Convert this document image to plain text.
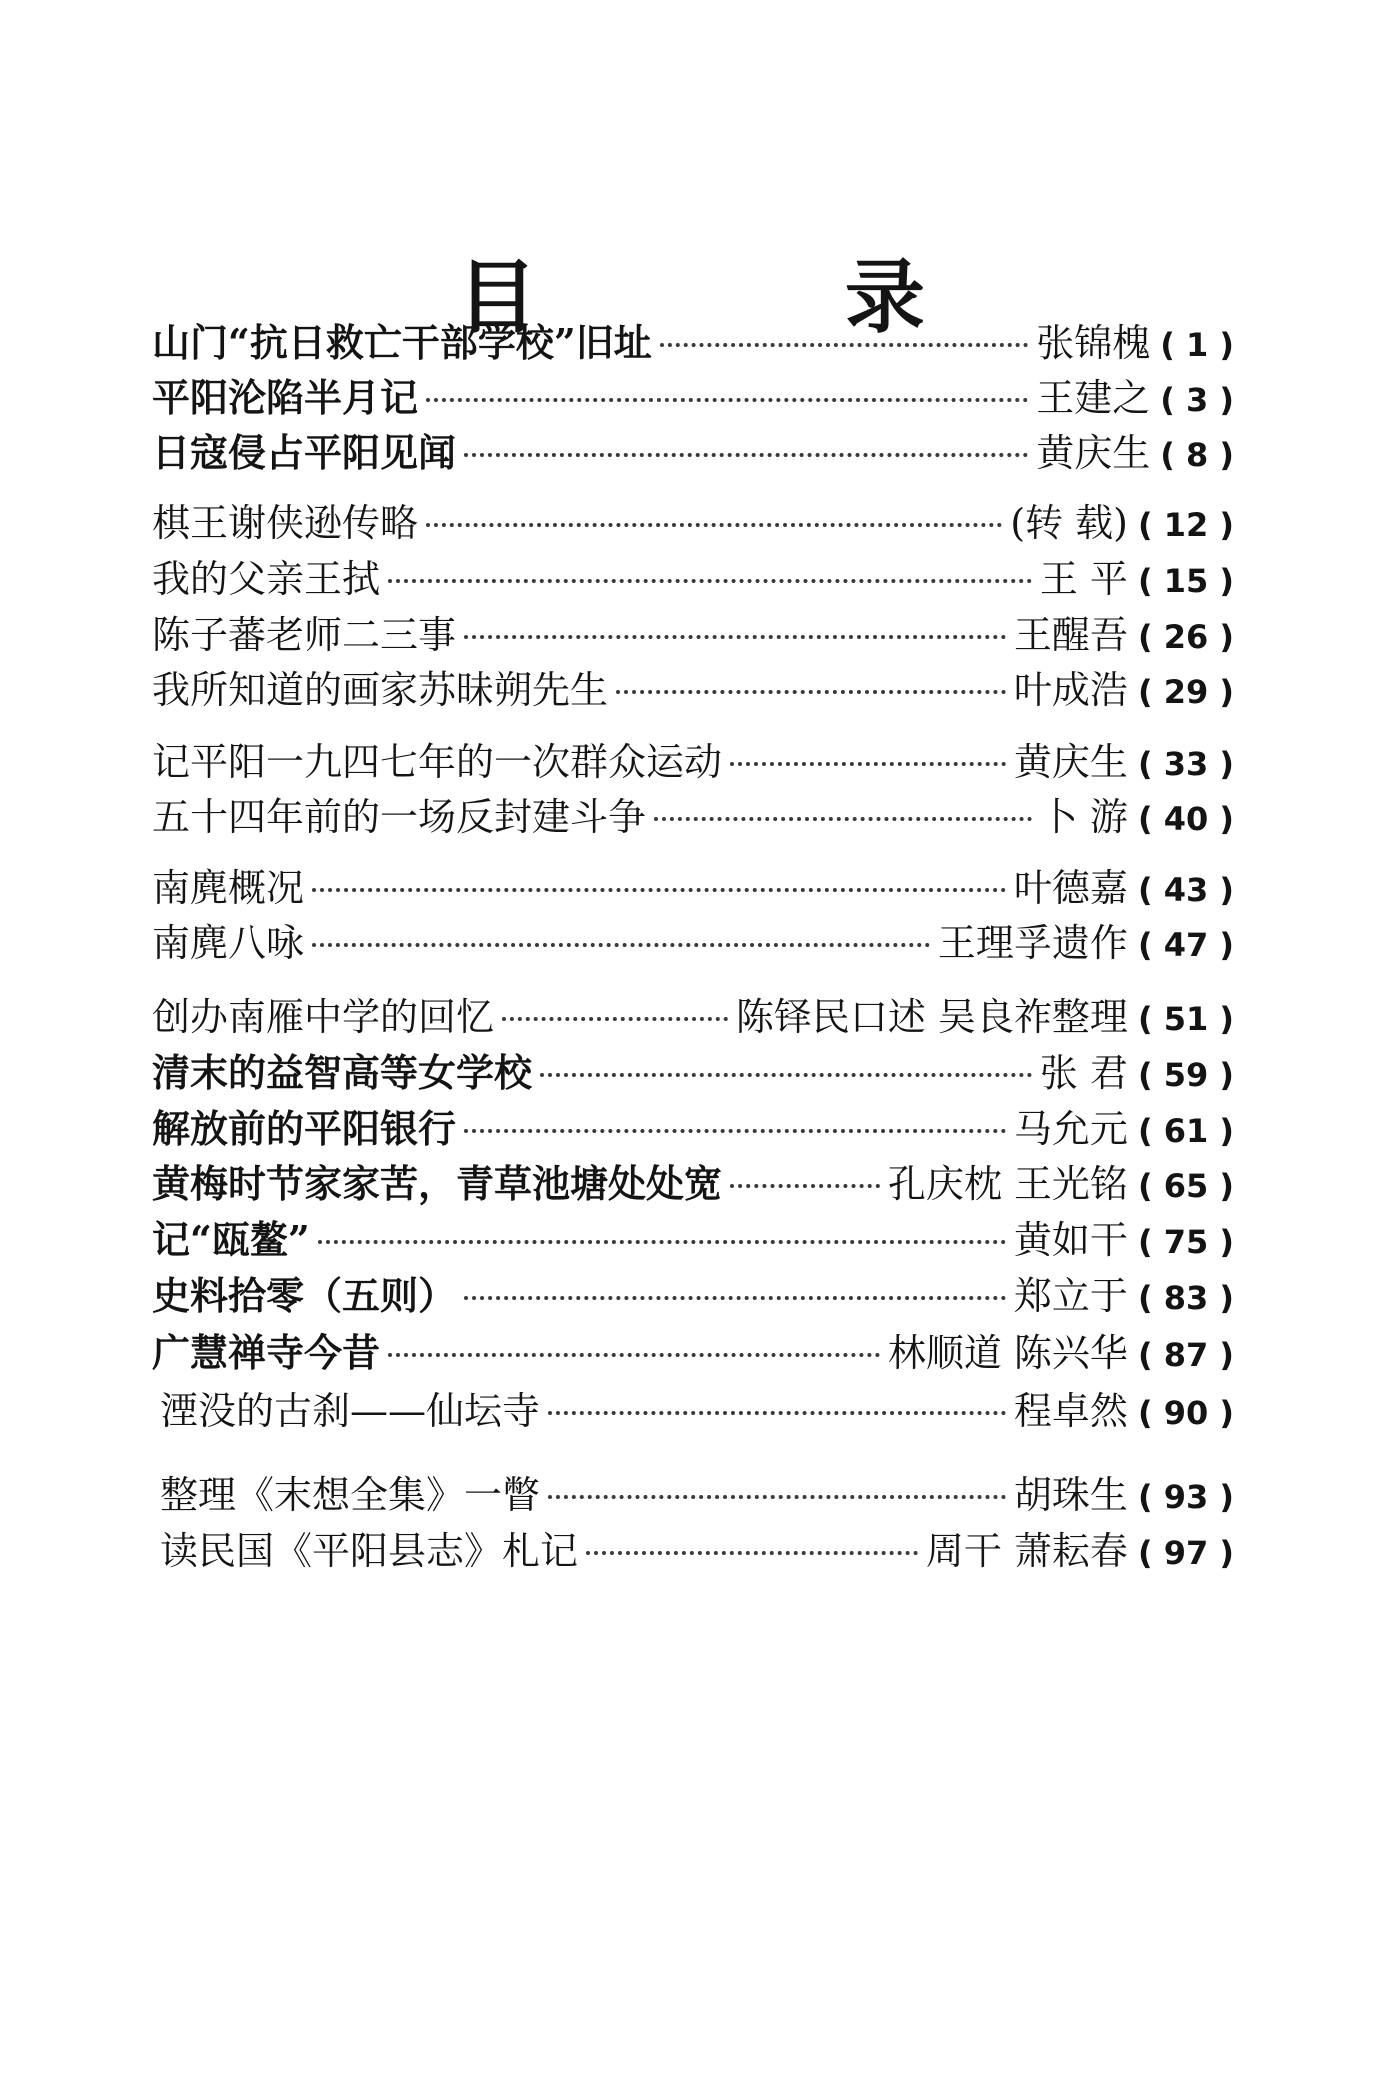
目 录
山门“抗日救亡干部学校”旧址	张锦槐 ( 1 )
平阳沦陷半月记	王建之 ( 3 )
日寇侵占平阳见闻	黄庆生 ( 8 )
棋王谢侠逊传略	(转 载) ( 12 )
我的父亲王拭	王 平 ( 15 )
陈子蕃老师二三事	王醒吾 ( 26 )
我所知道的画家苏昧朔先生	叶成浩 ( 29 )
记平阳一九四七年的一次群众运动	黄庆生 ( 33 )
五十四年前的一场反封建斗争	卜 游 ( 40 )
南麂概况	叶德嘉 ( 43 )
南麂八咏	王理孚遗作 ( 47 )
创办南雁中学的回忆	陈铎民口述 吴良祚整理 ( 51 )
清末的益智高等女学校	张 君 ( 59 )
解放前的平阳银行	马允元 ( 61 )
黄梅时节家家苦，青草池塘处处宽	孔庆枕 王光铭 ( 65 )
记“瓯鳌”	黄如干 ( 75 )
史料拾零（五则）	郑立于 ( 83 )
广慧禅寺今昔	林顺道 陈兴华 ( 87 )
湮没的古刹——仙坛寺	程卓然 ( 90 )
整理《末想全集》一瞥	胡珠生 ( 93 )
读民国《平阳县志》札记	周干 萧耘春 ( 97 )
